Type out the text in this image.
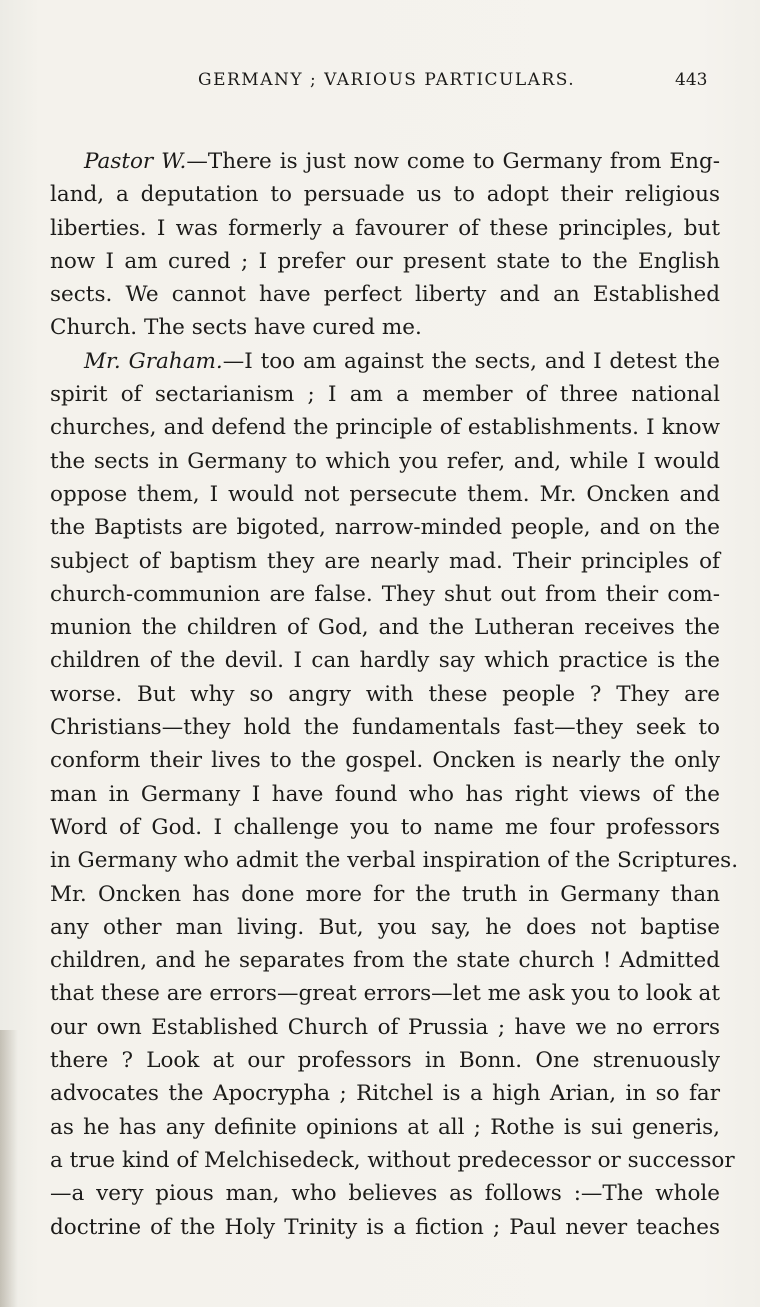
GERMANY ; VARIOUS PARTICULARS.	443
Pastor W.—There is just now come to Germany from Eng-
land, a deputation to persuade us to adopt their religious
liberties. I was formerly a favourer of these principles, but
now I am cured ; I prefer our present state to the English
sects. We cannot have perfect liberty and an Established
Church. The sects have cured me.
Mr. Graham.—I too am against the sects, and I detest the
spirit of sectarianism ; I am a member of three national
churches, and defend the principle of establishments. I know
the sects in Germany to which you refer, and, while I would
oppose them, I would not persecute them. Mr. Oncken and
the Baptists are bigoted, narrow-minded people, and on the
subject of baptism they are nearly mad. Their principles of
church-communion are false. They shut out from their com-
munion the children of God, and the Lutheran receives the
children of the devil. I can hardly say which practice is the
worse. But why so angry with these people ? They are
Christians—they hold the fundamentals fast—they seek to
conform their lives to the gospel. Oncken is nearly the only
man in Germany I have found who has right views of the
Word of God. I challenge you to name me four professors
in Germany who admit the verbal inspiration of the Scriptures.
Mr. Oncken has done more for the truth in Germany than
any other man living. But, you say, he does not baptise
children, and he separates from the state church ! Admitted
that these are errors—great errors—let me ask you to look at
our own Established Church of Prussia ; have we no errors
there ? Look at our professors in Bonn. One strenuously
advocates the Apocrypha ; Ritchel is a high Arian, in so far
as he has any definite opinions at all ; Rothe is sui generis,
a true kind of Melchisedeck, without predecessor or successor
—a very pious man, who believes as follows :—The whole
doctrine of the Holy Trinity is a fiction ; Paul never teaches
